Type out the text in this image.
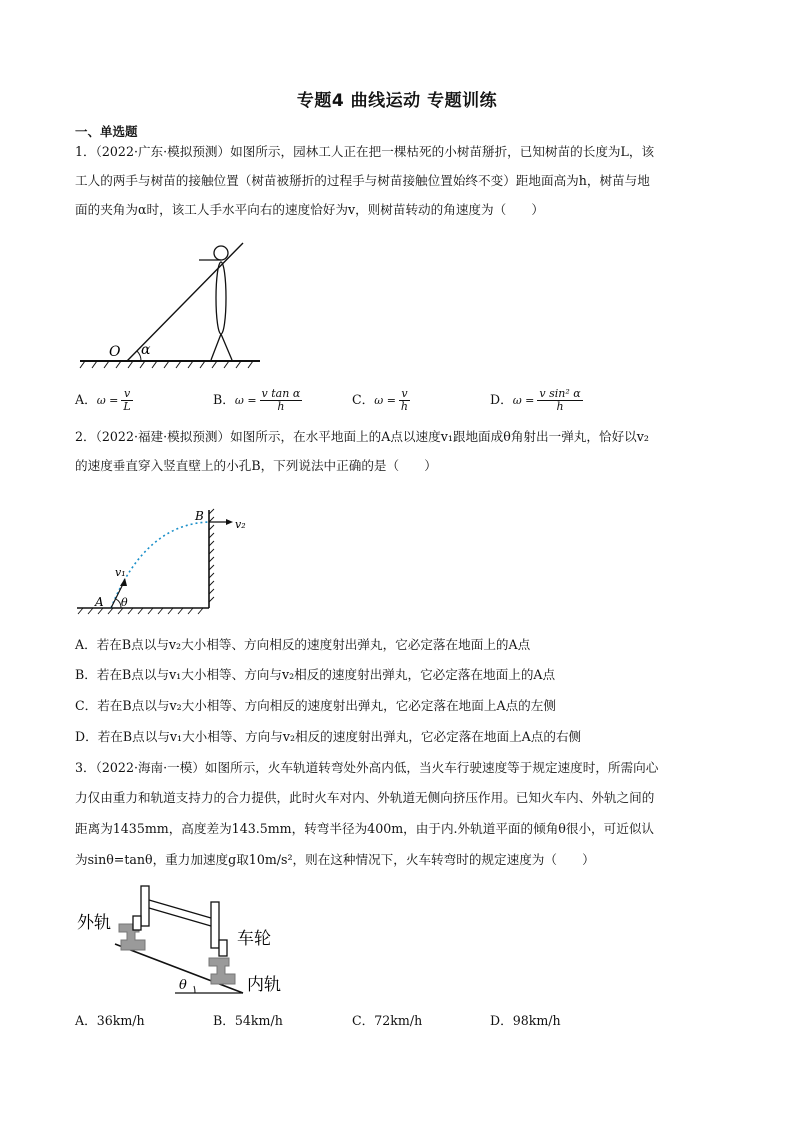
专题4 曲线运动 专题训练
一、单选题
1．（2022·广东·模拟预测）如图所示，园林工人正在把一棵枯死的小树苗掰折，已知树苗的长度为L，该
工人的两手与树苗的接触位置（树苗被掰折的过程手与树苗接触位置始终不变）距地面高为h，树苗与地
面的夹角为α时，该工人手水平向右的速度恰好为v，则树苗转动的角速度为（　　）
O α
A．$\omega = \frac{v}{L}$	B．$\omega = \frac{\text{v tan α}}{h}$	C．$\omega = \frac{v}{h}$	D．$\omega = \frac{\text{v sin² α}}{h}$
2．（2022·福建·模拟预测）如图所示，在水平地面上的A点以速度v₁跟地面成θ角射出一弹丸，恰好以v₂
的速度垂直穿入竖直壁上的小孔B，下列说法中正确的是（　　）
A θ
v₁
B
v₂
A．若在B点以与v₂大小相等、方向相反的速度射出弹丸，它必定落在地面上的A点
B．若在B点以与v₁大小相等、方向与v₂相反的速度射出弹丸，它必定落在地面上的A点
C．若在B点以与v₂大小相等、方向相反的速度射出弹丸，它必定落在地面上A点的左侧
D．若在B点以与v₁大小相等、方向与v₂相反的速度射出弹丸，它必定落在地面上A点的右侧
3．（2022·海南·一模）如图所示，火车轨道转弯处外高内低，当火车行驶速度等于规定速度时，所需向心
力仅由重力和轨道支持力的合力提供，此时火车对内、外轨道无侧向挤压作用。已知火车内、外轨之间的
距离为1435mm，高度差为143.5mm，转弯半径为400m，由于内.外轨道平面的倾角θ很小，可近似认
为sinθ=tanθ，重力加速度g取10m/s²，则在这种情况下，火车转弯时的规定速度为（　　）
外轨
车轮
内轨
θ
A．36km/h	B．54km/h	C．72km/h	D．98km/h
